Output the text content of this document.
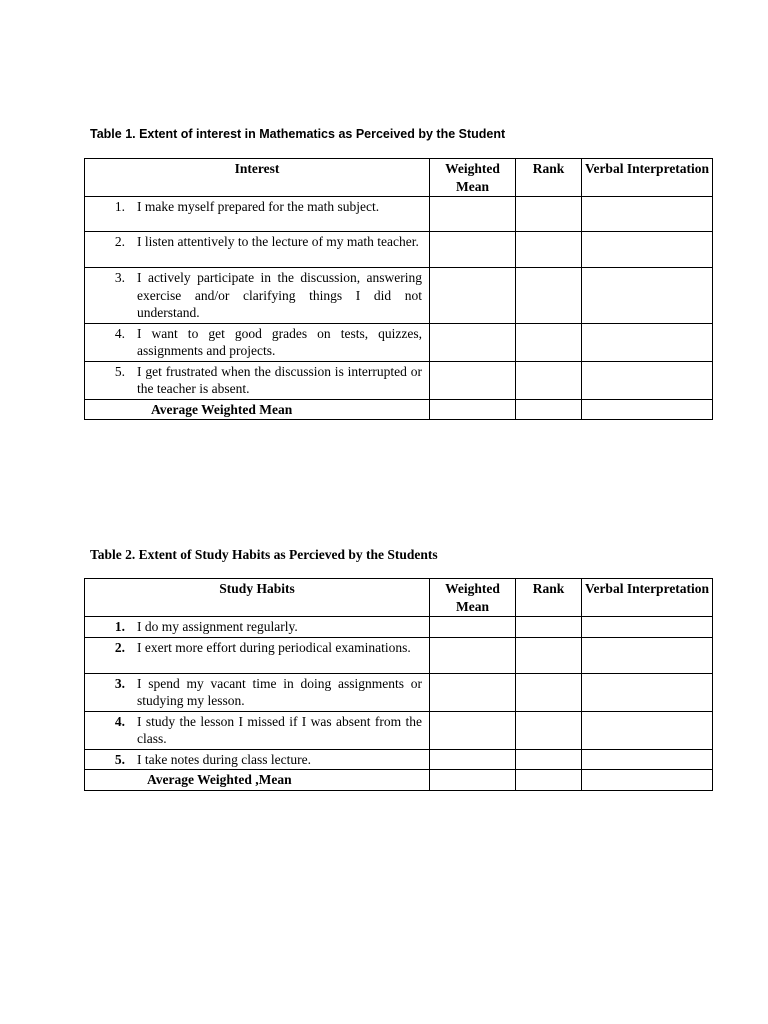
Table 1. Extent of interest in Mathematics as Perceived by the Student
Interest	Weighted Mean	Rank	Verbal Interpretation

1. I make myself prepared for the math subject.			

2. I listen attentively to the lecture of my math teacher.			

3. I actively participate in the discussion, answering exercise and/or clarifying things I did not understand.			

4. I want to get good grades on tests, quizzes, assignments and projects.			

5. I get frustrated when the discussion is interrupted or the teacher is absent.			

Average Weighted Mean			

Table 2. Extent of Study Habits as Percieved by the Students
Study Habits	Weighted Mean	Rank	Verbal Interpretation

1. I do my assignment regularly.			

2. I exert more effort during periodical examinations.			

3. I spend my vacant time in doing assignments or studying my lesson.			

4. I study the lesson I missed if I was absent from the class.			

5. I take notes during class lecture.			

Average Weighted ,Mean			
